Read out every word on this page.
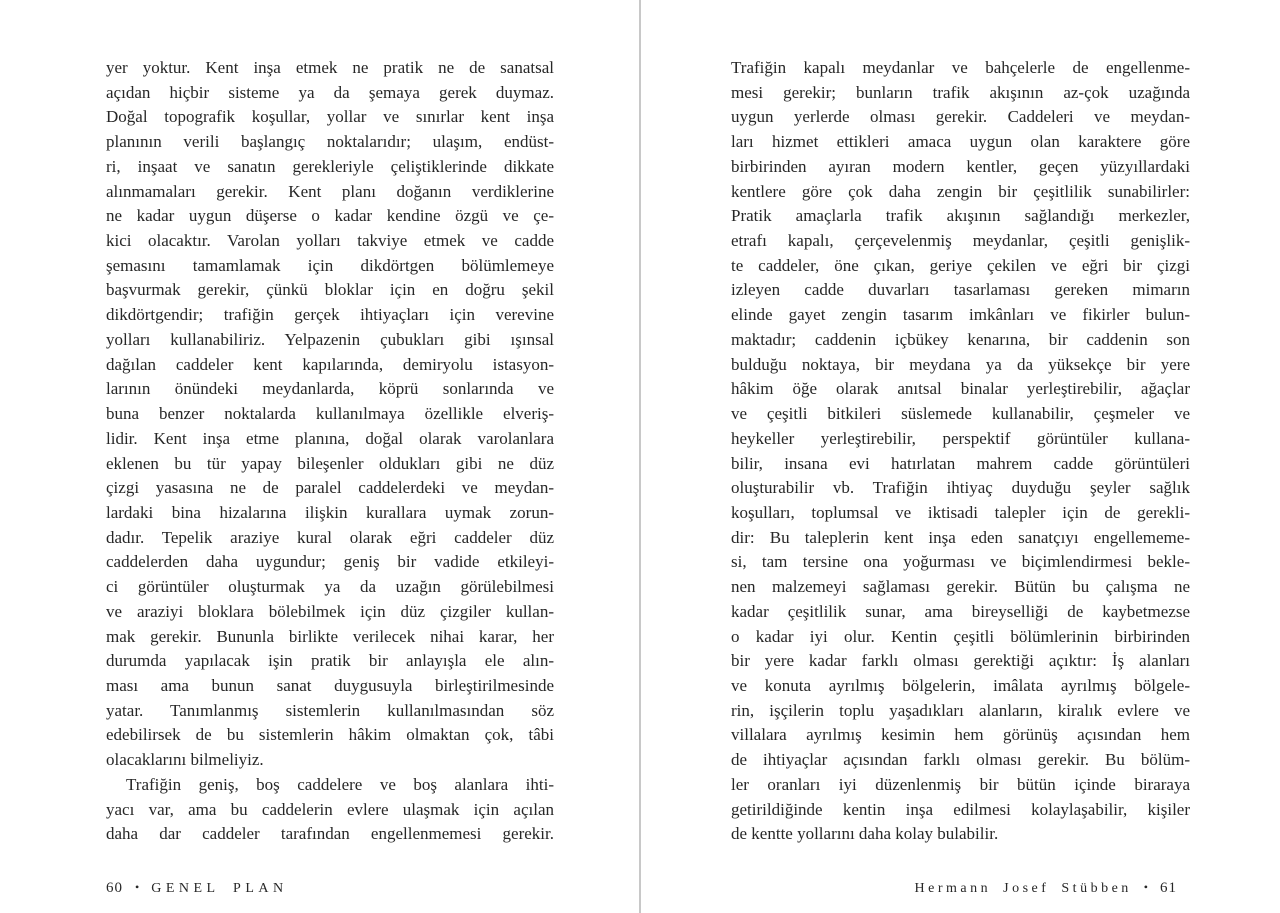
yer yoktur. Kent inşa etmek ne pratik ne de sanatsal
açıdan hiçbir sisteme ya da şemaya gerek duymaz.
Doğal topografik koşullar, yollar ve sınırlar kent inşa
planının verili başlangıç noktalarıdır; ulaşım, endüst-
ri, inşaat ve sanatın gerekleriyle çeliştiklerinde dikkate
alınmamaları gerekir. Kent planı doğanın verdiklerine
ne kadar uygun düşerse o kadar kendine özgü ve çe-
kici olacaktır. Varolan yolları takviye etmek ve cadde
şemasını tamamlamak için dikdörtgen bölümlemeye
başvurmak gerekir, çünkü bloklar için en doğru şekil
dikdörtgendir; trafiğin gerçek ihtiyaçları için verevine
yolları kullanabiliriz. Yelpazenin çubukları gibi ışınsal
dağılan caddeler kent kapılarında, demiryolu istasyon-
larının önündeki meydanlarda, köprü sonlarında ve
buna benzer noktalarda kullanılmaya özellikle elveriş-
lidir. Kent inşa etme planına, doğal olarak varolanlara
eklenen bu tür yapay bileşenler oldukları gibi ne düz
çizgi yasasına ne de paralel caddelerdeki ve meydan-
lardaki bina hizalarına ilişkin kurallara uymak zorun-
dadır. Tepelik araziye kural olarak eğri caddeler düz
caddelerden daha uygundur; geniş bir vadide etkileyi-
ci görüntüler oluşturmak ya da uzağın görülebilmesi
ve araziyi bloklara bölebilmek için düz çizgiler kullan-
mak gerekir. Bununla birlikte verilecek nihai karar, her
durumda yapılacak işin pratik bir anlayışla ele alın-
ması ama bunun sanat duygusuyla birleştirilmesinde
yatar. Tanımlanmış sistemlerin kullanılmasından söz
edebilirsek de bu sistemlerin hâkim olmaktan çok, tâbi
olacaklarını bilmeliyiz.
Trafiğin geniş, boş caddelere ve boş alanlara ihti-
yacı var, ama bu caddelerin evlere ulaşmak için açılan
daha dar caddeler tarafından engellenmemesi gerekir.
60 • GENEL PLAN
Trafiğin kapalı meydanlar ve bahçelerle de engellenme-
mesi gerekir; bunların trafik akışının az-çok uzağında
uygun yerlerde olması gerekir. Caddeleri ve meydan-
ları hizmet ettikleri amaca uygun olan karaktere göre
birbirinden ayıran modern kentler, geçen yüzyıllardaki
kentlere göre çok daha zengin bir çeşitlilik sunabilirler:
Pratik amaçlarla trafik akışının sağlandığı merkezler,
etrafı kapalı, çerçevelenmiş meydanlar, çeşitli genişlik-
te caddeler, öne çıkan, geriye çekilen ve eğri bir çizgi
izleyen cadde duvarları tasarlaması gereken mimarın
elinde gayet zengin tasarım imkânları ve fikirler bulun-
maktadır; caddenin içbükey kenarına, bir caddenin son
bulduğu noktaya, bir meydana ya da yüksekçe bir yere
hâkim öğe olarak anıtsal binalar yerleştirebilir, ağaçlar
ve çeşitli bitkileri süslemede kullanabilir, çeşmeler ve
heykeller yerleştirebilir, perspektif görüntüler kullana-
bilir, insana evi hatırlatan mahrem cadde görüntüleri
oluşturabilir vb. Trafiğin ihtiyaç duyduğu şeyler sağlık
koşulları, toplumsal ve iktisadi talepler için de gerekli-
dir: Bu taleplerin kent inşa eden sanatçıyı engellememe-
si, tam tersine ona yoğurması ve biçimlendirmesi bekle-
nen malzemeyi sağlaması gerekir. Bütün bu çalışma ne
kadar çeşitlilik sunar, ama bireyselliği de kaybetmezse
o kadar iyi olur. Kentin çeşitli bölümlerinin birbirinden
bir yere kadar farklı olması gerektiği açıktır: İş alanları
ve konuta ayrılmış bölgelerin, imâlata ayrılmış bölgele-
rin, işçilerin toplu yaşadıkları alanların, kiralık evlere ve
villalara ayrılmış kesimin hem görünüş açısından hem
de ihtiyaçlar açısından farklı olması gerekir. Bu bölüm-
ler oranları iyi düzenlenmiş bir bütün içinde biraraya
getirildiğinde kentin inşa edilmesi kolaylaşabilir, kişiler
de kentte yollarını daha kolay bulabilir.
Hermann Josef Stübben • 61
